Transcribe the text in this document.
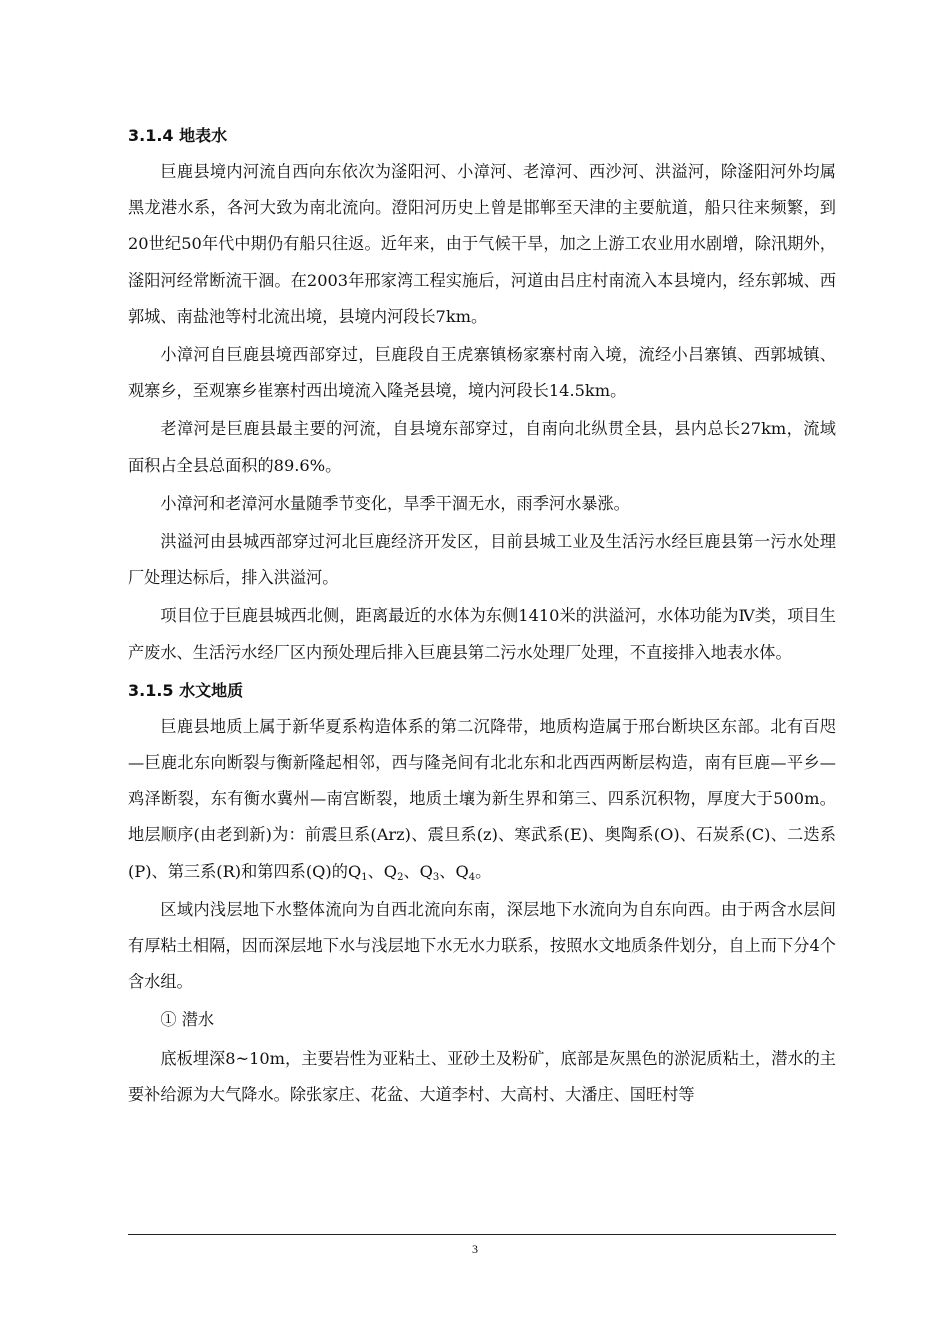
3.1.4 地表水

巨鹿县境内河流自西向东依次为滏阳河、小漳河、老漳河、西沙河、洪溢河，除滏阳河外均属黑龙港水系，各河大致为南北流向。澄阳河历史上曾是邯郸至天津的主要航道，船只往来频繁，到20世纪50年代中期仍有船只往返。近年来，由于气候干旱，加之上游工农业用水剧增，除汛期外，滏阳河经常断流干涸。在2003年邢家湾工程实施后，河道由吕庄村南流入本县境内，经东郭城、西郭城、南盐池等村北流出境，县境内河段长7km。

小漳河自巨鹿县境西部穿过，巨鹿段自王虎寨镇杨家寨村南入境，流经小吕寨镇、西郭城镇、观寨乡，至观寨乡崔寨村西出境流入隆尧县境，境内河段长14.5km。

老漳河是巨鹿县最主要的河流，自县境东部穿过，自南向北纵贯全县，县内总长27km，流域面积占全县总面积的89.6%。

小漳河和老漳河水量随季节变化，旱季干涸无水，雨季河水暴涨。

洪溢河由县城西部穿过河北巨鹿经济开发区，目前县城工业及生活污水经巨鹿县第一污水处理厂处理达标后，排入洪溢河。

项目位于巨鹿县城西北侧，距离最近的水体为东侧1410米的洪溢河，水体功能为Ⅳ类，项目生产废水、生活污水经厂区内预处理后排入巨鹿县第二污水处理厂处理，不直接排入地表水体。

3.1.5 水文地质

巨鹿县地质上属于新华夏系构造体系的第二沉降带，地质构造属于邢台断块区东部。北有百咫—巨鹿北东向断裂与衡新隆起相邻，西与隆尧间有北北东和北西西两断层构造，南有巨鹿—平乡—鸡泽断裂，东有衡水冀州—南宫断裂，地质土壤为新生界和第三、四系沉积物，厚度大于500m。地层顺序(由老到新)为：前震旦系(Arz)、震旦系(z)、寒武系(E)、奥陶系(O)、石炭系(C)、二迭系(P)、第三系(R)和第四系(Q)的$Q_1$、$Q_2$、$Q_3$、$Q_4$。

区域内浅层地下水整体流向为自西北流向东南，深层地下水流向为自东向西。由于两含水层间有厚粘土相隔，因而深层地下水与浅层地下水无水力联系，按照水文地质条件划分，自上而下分4个含水组。

① 潜水

底板埋深8~10m，主要岩性为亚粘土、亚砂土及粉矿，底部是灰黑色的淤泥质粘土，潜水的主要补给源为大气降水。除张家庄、花盆、大道李村、大高村、大潘庄、国旺村等

3
